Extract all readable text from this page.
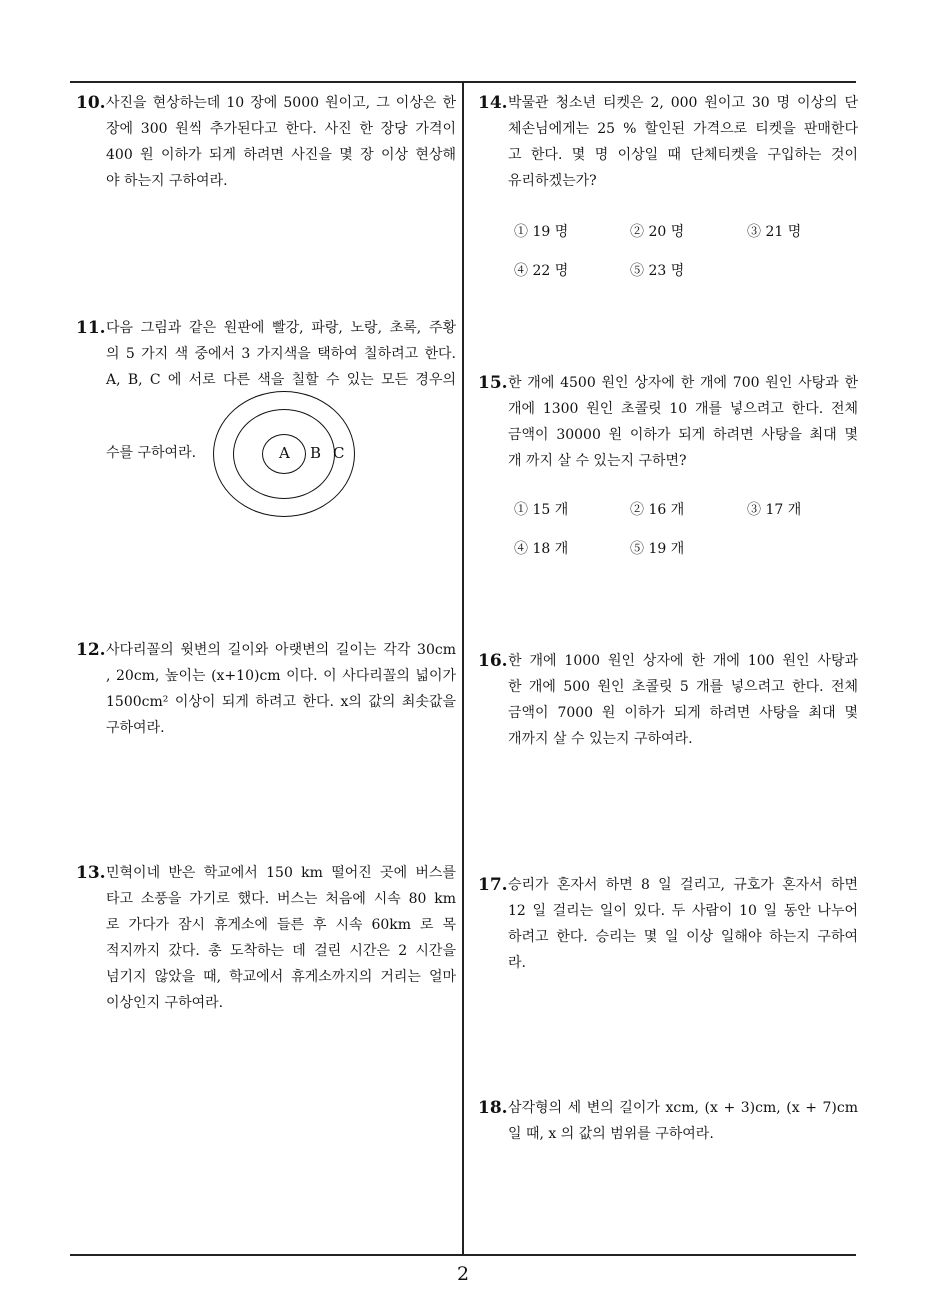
10. 사진을 현상하는데 10 장에 5000 원이고, 그 이상은 한
장에 300 원씩 추가된다고 한다. 사진 한 장당 가격이
400 원 이하가 되게 하려면 사진을 몇 장 이상 현상해
야 하는지 구하여라.
11. 다음 그림과 같은 원판에 빨강, 파랑, 노랑, 초록, 주황
의 5 가지 색 중에서 3 가지색을 택하여 칠하려고 한다.
A, B, C 에 서로 다른 색을 칠할 수 있는 모든 경우의
수를 구하여라.	A B C
12. 사다리꼴의 윗변의 길이와 아랫변의 길이는 각각 30cm
, 20cm, 높이는 (x+10)cm 이다. 이 사다리꼴의 넓이가
1500cm² 이상이 되게 하려고 한다. x의 값의 최솟값을
구하여라.
13. 민혁이네 반은 학교에서 150 km 떨어진 곳에 버스를
타고 소풍을 가기로 했다. 버스는 처음에 시속 80 km
로 가다가 잠시 휴게소에 들른 후 시속 60km 로 목
적지까지 갔다. 총 도착하는 데 걸린 시간은 2 시간을
넘기지 않았을 때, 학교에서 휴게소까지의 거리는 얼마
이상인지 구하여라.
14. 박물관 청소년 티켓은 2, 000 원이고 30 명 이상의 단
체손님에게는 25 % 할인된 가격으로 티켓을 판매한다
고 한다. 몇 명 이상일 때 단체티켓을 구입하는 것이
유리하겠는가?
① 19 명	② 20 명	③ 21 명
④ 22 명	⑤ 23 명
15. 한 개에 4500 원인 상자에 한 개에 700 원인 사탕과 한
개에 1300 원인 초콜릿 10 개를 넣으려고 한다. 전체
금액이 30000 원 이하가 되게 하려면 사탕을 최대 몇
개 까지 살 수 있는지 구하면?
① 15 개	② 16 개	③ 17 개
④ 18 개	⑤ 19 개
16. 한 개에 1000 원인 상자에 한 개에 100 원인 사탕과
한 개에 500 원인 초콜릿 5 개를 넣으려고 한다. 전체
금액이 7000 원 이하가 되게 하려면 사탕을 최대 몇
개까지 살 수 있는지 구하여라.
17. 승리가 혼자서 하면 8 일 걸리고, 규호가 혼자서 하면
12 일 걸리는 일이 있다. 두 사람이 10 일 동안 나누어
하려고 한다. 승리는 몇 일 이상 일해야 하는지 구하여
라.
18. 삼각형의 세 변의 길이가 xcm, (x + 3)cm, (x + 7)cm
일 때, x 의 값의 범위를 구하여라.
2
